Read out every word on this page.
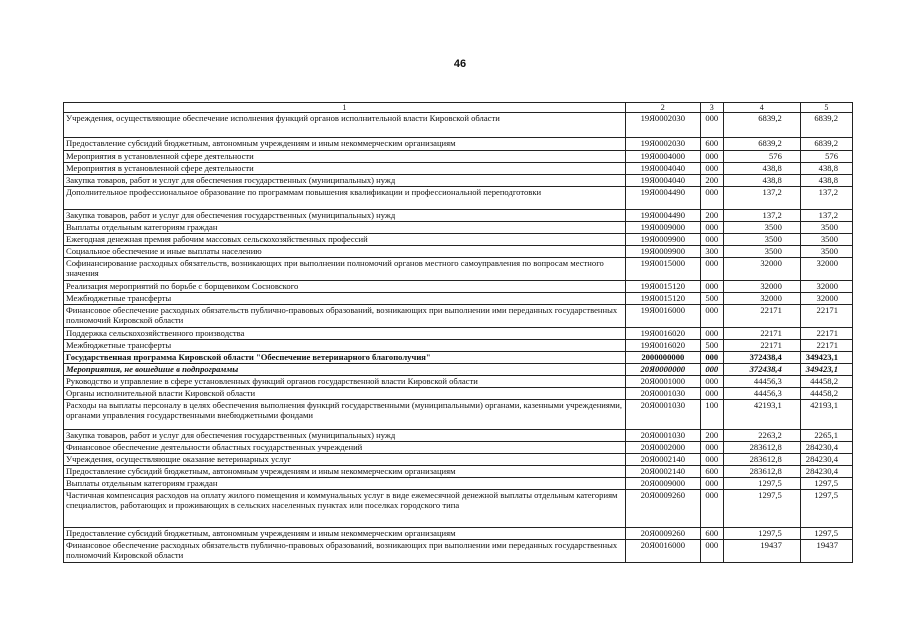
46
1	2	3	4	5
Учреждения, осуществляющие обеспечение исполнения функций органов исполнительной власти Кировской области	19Я0002030	000	6839,2	6839,2
Предоставление субсидий бюджетным, автономным учреждениям и иным некоммерческим организациям	19Я0002030	600	6839,2	6839,2
Мероприятия в установленной сфере деятельности	19Я0004000	000	576	576
Мероприятия в установленной сфере деятельности	19Я0004040	000	438,8	438,8
Закупка товаров, работ и услуг для обеспечения государственных (муниципальных) нужд	19Я0004040	200	438,8	438,8
Дополнительное профессиональное образование по программам повышения квалификации и профессиональной переподготовки	19Я0004490	000	137,2	137,2
Закупка товаров, работ и услуг для обеспечения государственных (муниципальных) нужд	19Я0004490	200	137,2	137,2
Выплаты отдельным категориям граждан	19Я0009000	000	3500	3500
Ежегодная денежная премия рабочим массовых сельскохозяйственных профессий	19Я0009900	000	3500	3500
Социальное обеспечение и иные выплаты населению	19Я0009900	300	3500	3500
Софинансирование расходных обязательств, возникающих при выполнении полномочий органов местного самоуправления по вопросам местного значения	19Я0015000	000	32000	32000
Реализация мероприятий по борьбе с борщевиком Сосновского	19Я0015120	000	32000	32000
Межбюджетные трансферты	19Я0015120	500	32000	32000
Финансовое обеспечение расходных обязательств публично-правовых образований, возникающих при выполнении ими переданных государственных полномочий Кировской области	19Я0016000	000	22171	22171
Поддержка сельскохозяйственного производства	19Я0016020	000	22171	22171
Межбюджетные трансферты	19Я0016020	500	22171	22171
Государственная программа Кировской области "Обеспечение ветеринарного благополучия"	2000000000	000	372438,4	349423,1
Мероприятия, не вошедшие в подпрограммы	20Я0000000	000	372438,4	349423,1
Руководство и управление в сфере установленных функций органов государственной власти Кировской области	20Я0001000	000	44456,3	44458,2
Органы исполнительной власти Кировской области	20Я0001030	000	44456,3	44458,2
Расходы на выплаты персоналу в целях обеспечения выполнения функций государственными (муниципальными) органами, казенными учреждениями, органами управления государственными внебюджетными фондами	20Я0001030	100	42193,1	42193,1
Закупка товаров, работ и услуг для обеспечения государственных (муниципальных) нужд	20Я0001030	200	2263,2	2265,1
Финансовое обеспечение деятельности областных государственных учреждений	20Я0002000	000	283612,8	284230,4
Учреждения, осуществляющие оказание ветеринарных услуг	20Я0002140	000	283612,8	284230,4
Предоставление субсидий бюджетным, автономным учреждениям и иным некоммерческим организациям	20Я0002140	600	283612,8	284230,4
Выплаты отдельным категориям граждан	20Я0009000	000	1297,5	1297,5
Частичная компенсация расходов на оплату жилого помещения и коммунальных услуг в виде ежемесячной денежной выплаты отдельным категориям специалистов, работающих и проживающих в сельских населенных пунктах или поселках городского типа	20Я0009260	000	1297,5	1297,5
Предоставление субсидий бюджетным, автономным учреждениям и иным некоммерческим организациям	20Я0009260	600	1297,5	1297,5
Финансовое обеспечение расходных обязательств публично-правовых образований, возникающих при выполнении ими переданных государственных полномочий Кировской области	20Я0016000	000	19437	19437
